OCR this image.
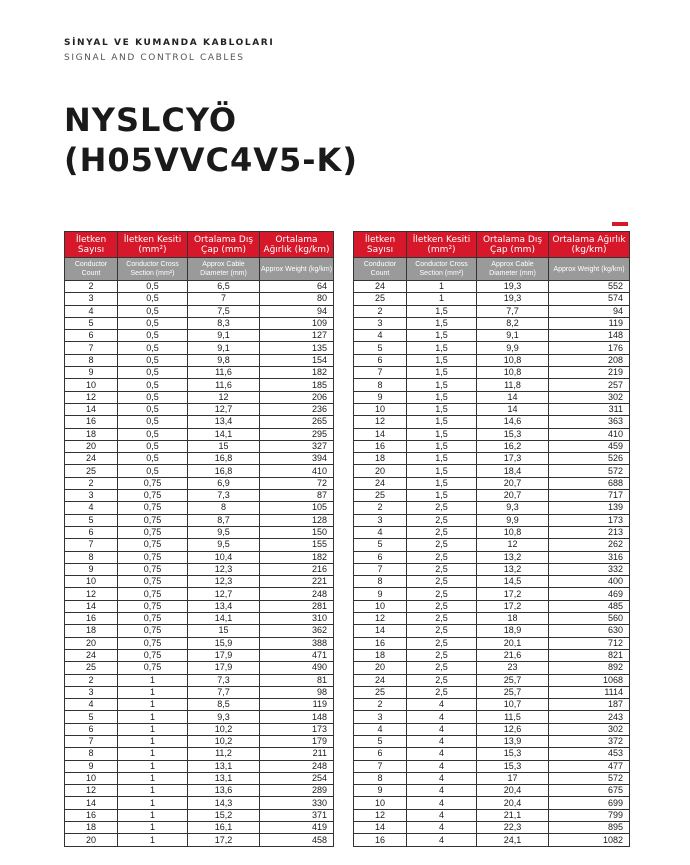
SİNYAL VE KUMANDA KABLOLARI
SIGNAL AND CONTROL CABLES
NYSLCYÖ
(H05VVC4V5-K)
İletken Sayısı	İletken Kesiti (mm²)	Ortalama Dış Çap (mm)	Ortalama Ağırlık (kg/km)
Conductor Count	Conductor Cross Section (mm²)	Approx Cable Diameter (mm)	Approx Weight (kg/km)
2	0,5	6,5	64
3	0,5	7	80
4	0,5	7,5	94
5	0,5	8,3	109
6	0,5	9,1	127
7	0,5	9,1	135
8	0,5	9,8	154
9	0,5	11,6	182
10	0,5	11,6	185
12	0,5	12	206
14	0,5	12,7	236
16	0,5	13,4	265
18	0,5	14,1	295
20	0,5	15	327
24	0,5	16,8	394
25	0,5	16,8	410
2	0,75	6,9	72
3	0,75	7,3	87
4	0,75	8	105
5	0,75	8,7	128
6	0,75	9,5	150
7	0,75	9,5	155
8	0,75	10,4	182
9	0,75	12,3	216
10	0,75	12,3	221
12	0,75	12,7	248
14	0,75	13,4	281
16	0,75	14,1	310
18	0,75	15	362
20	0,75	15,9	388
24	0,75	17,9	471
25	0,75	17,9	490
2	1	7,3	81
3	1	7,7	98
4	1	8,5	119
5	1	9,3	148
6	1	10,2	173
7	1	10,2	179
8	1	11,2	211
9	1	13,1	248
10	1	13,1	254
12	1	13,6	289
14	1	14,3	330
16	1	15,2	371
18	1	16,1	419
20	1	17,2	458
İletken Sayısı	İletken Kesiti (mm²)	Ortalama Dış Çap (mm)	Ortalama Ağırlık (kg/km)
Conductor Count	Conductor Cross Section (mm²)	Approx Cable Diameter (mm)	Approx Weight (kg/km)
24	1	19,3	552
25	1	19,3	574
2	1,5	7,7	94
3	1,5	8,2	119
4	1,5	9,1	148
5	1,5	9,9	176
6	1,5	10,8	208
7	1,5	10,8	219
8	1,5	11,8	257
9	1,5	14	302
10	1,5	14	311
12	1,5	14,6	363
14	1,5	15,3	410
16	1,5	16,2	459
18	1,5	17,3	526
20	1,5	18,4	572
24	1,5	20,7	688
25	1,5	20,7	717
2	2,5	9,3	139
3	2,5	9,9	173
4	2,5	10,8	213
5	2,5	12	262
6	2,5	13,2	316
7	2,5	13,2	332
8	2,5	14,5	400
9	2,5	17,2	469
10	2,5	17,2	485
12	2,5	18	560
14	2,5	18,9	630
16	2,5	20,1	712
18	2,5	21,6	821
20	2,5	23	892
24	2,5	25,7	1068
25	2,5	25,7	1114
2	4	10,7	187
3	4	11,5	243
4	4	12,6	302
5	4	13,9	372
6	4	15,3	453
7	4	15,3	477
8	4	17	572
9	4	20,4	675
10	4	20,4	699
12	4	21,1	799
14	4	22,3	895
16	4	24,1	1082
